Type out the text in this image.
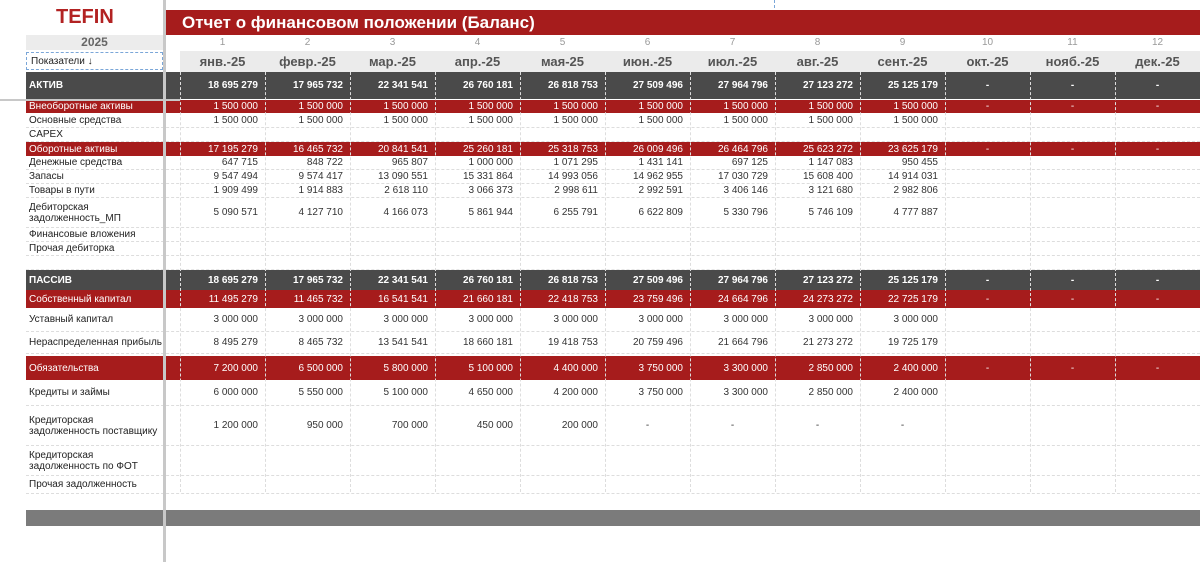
TEFIN	Отчет о финансовом положении (Баланс)
2025	1	2	3	4	5	6	7	8	9	10	11	12
Показатели ↓	янв.-25	февр.-25	мар.-25	апр.-25	мая-25	июн.-25	июл.-25	авг.-25	сент.-25	окт.-25	нояб.-25	дек.-25
АКТИВ	18 695 279	17 965 732	22 341 541	26 760 181	26 818 753	27 509 496	27 964 796	27 123 272	25 125 179	-	-	-
Внеоборотные активы	1 500 000	1 500 000	1 500 000	1 500 000	1 500 000	1 500 000	1 500 000	1 500 000	1 500 000	-	-	-
Основные средства	1 500 000	1 500 000	1 500 000	1 500 000	1 500 000	1 500 000	1 500 000	1 500 000	1 500 000
CAPEX
Оборотные активы	17 195 279	16 465 732	20 841 541	25 260 181	25 318 753	26 009 496	26 464 796	25 623 272	23 625 179	-	-	-
Денежные средства	647 715	848 722	965 807	1 000 000	1 071 295	1 431 141	697 125	1 147 083	950 455
Запасы	9 547 494	9 574 417	13 090 551	15 331 864	14 993 056	14 962 955	17 030 729	15 608 400	14 914 031
Товары в пути	1 909 499	1 914 883	2 618 110	3 066 373	2 998 611	2 992 591	3 406 146	3 121 680	2 982 806
Дебиторская задолженность_МП	5 090 571	4 127 710	4 166 073	5 861 944	6 255 791	6 622 809	5 330 796	5 746 109	4 777 887
Финансовые вложения
Прочая дебиторка
ПАССИВ	18 695 279	17 965 732	22 341 541	26 760 181	26 818 753	27 509 496	27 964 796	27 123 272	25 125 179	-	-	-
Собственный капитал	11 495 279	11 465 732	16 541 541	21 660 181	22 418 753	23 759 496	24 664 796	24 273 272	22 725 179	-	-	-
Уставный капитал	3 000 000	3 000 000	3 000 000	3 000 000	3 000 000	3 000 000	3 000 000	3 000 000	3 000 000
Нераспределенная прибыль	8 495 279	8 465 732	13 541 541	18 660 181	19 418 753	20 759 496	21 664 796	21 273 272	19 725 179
Обязательства	7 200 000	6 500 000	5 800 000	5 100 000	4 400 000	3 750 000	3 300 000	2 850 000	2 400 000	-	-	-
Кредиты и займы	6 000 000	5 550 000	5 100 000	4 650 000	4 200 000	3 750 000	3 300 000	2 850 000	2 400 000
Кредиторская задолженность поставщику	1 200 000	950 000	700 000	450 000	200 000	-	-	-	-
Кредиторская задолженность по ФОТ
Прочая задолженность
